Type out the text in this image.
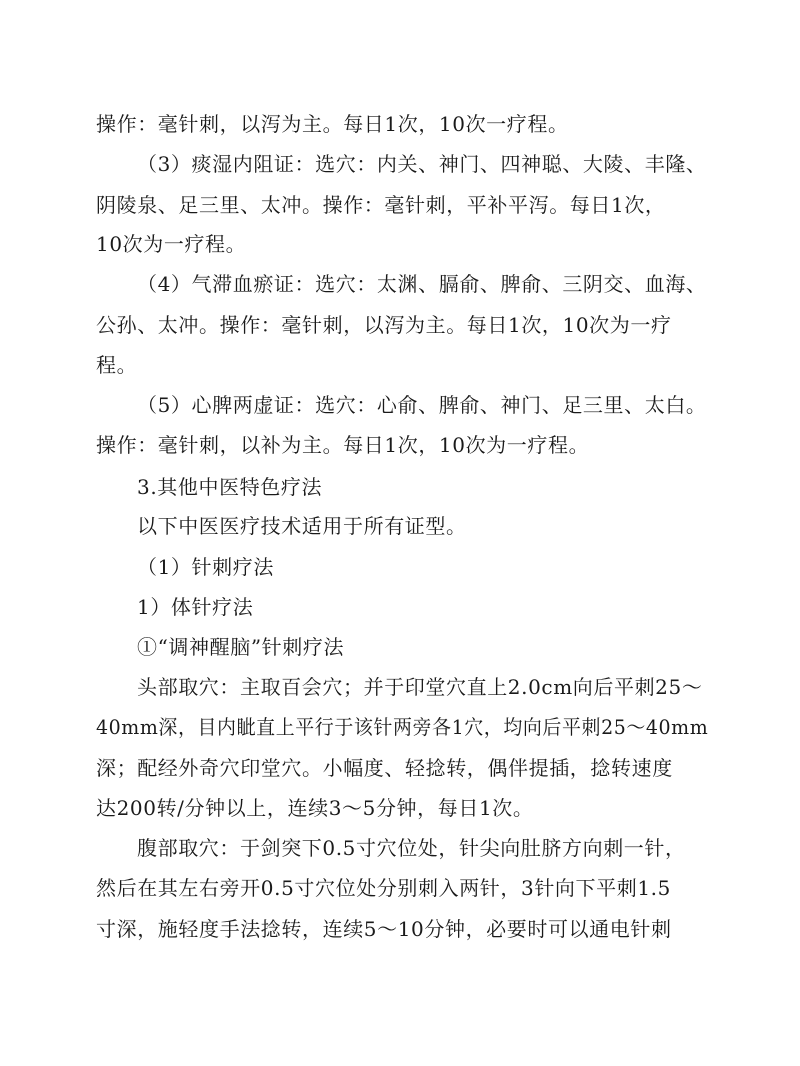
操作：毫针刺，以泻为主。每日1次，10次一疗程。
（3）痰湿内阻证：选穴：内关、神门、四神聪、大陵、丰隆、
阴陵泉、足三里、太冲。操作：毫针刺，平补平泻。每日1次，
10次为一疗程。
（4）气滞血瘀证：选穴：太渊、膈俞、脾俞、三阴交、血海、
公孙、太冲。操作：毫针刺，以泻为主。每日1次，10次为一疗
程。
（5）心脾两虚证：选穴：心俞、脾俞、神门、足三里、太白。
操作：毫针刺，以补为主。每日1次，10次为一疗程。
3.其他中医特色疗法
以下中医医疗技术适用于所有证型。
（1）针刺疗法
1）体针疗法
①“调神醒脑”针刺疗法
头部取穴：主取百会穴；并于印堂穴直上2.0cm向后平刺25～
40mm深，目内眦直上平行于该针两旁各1穴，均向后平刺25～40mm
深；配经外奇穴印堂穴。小幅度、轻捻转，偶伴提插，捻转速度
达200转/分钟以上，连续3～5分钟，每日1次。
腹部取穴：于剑突下0.5寸穴位处，针尖向肚脐方向刺一针，
然后在其左右旁开0.5寸穴位处分别刺入两针，3针向下平刺1.5
寸深，施轻度手法捻转，连续5～10分钟，必要时可以通电针刺
